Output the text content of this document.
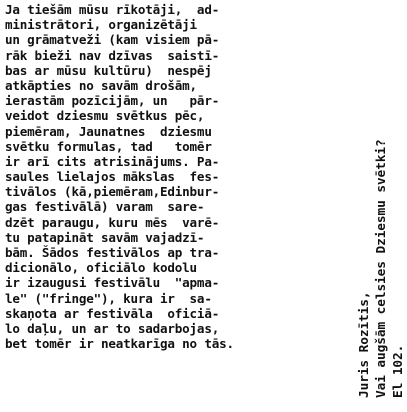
Ja tiešām mūsu rīkotāji,  ad-
ministrātori, organizētāji
un grāmatveži (kam visiem pā-
rāk bieži nav dzīvas  saistī-
bas ar mūsu kultūru)  nespēj
atkāpties no savām drošām,
ierastām pozīcijām, un   pār-
veidot dziesmu svētkus pēc,
piemēram, Jaunatnes  dziesmu
svētku formulas, tad   tomēr
ir arī cits atrisinājums. Pa-
saules lielajos mākslas  fes-
tivālos (kā,piemēram,Edinbur-
gas festivālā) varam  sare-
dzēt paraugu, kuru mēs  varē-
tu patapināt savām vajadzī-
bām. Šādos festivālos ap tra-
dicionālo, oficiālo kodolu
ir izaugusi festivālu  "apma-
le" ("fringe"), kura ir  sa-
skaņota ar festivāla  oficiā-
lo daļu, un ar to sadarbojas,
bet tomēr ir neatkarīga no tās.	Juris Rozītis, Vai augšām celsies Dziesmu svētki? El 102.
